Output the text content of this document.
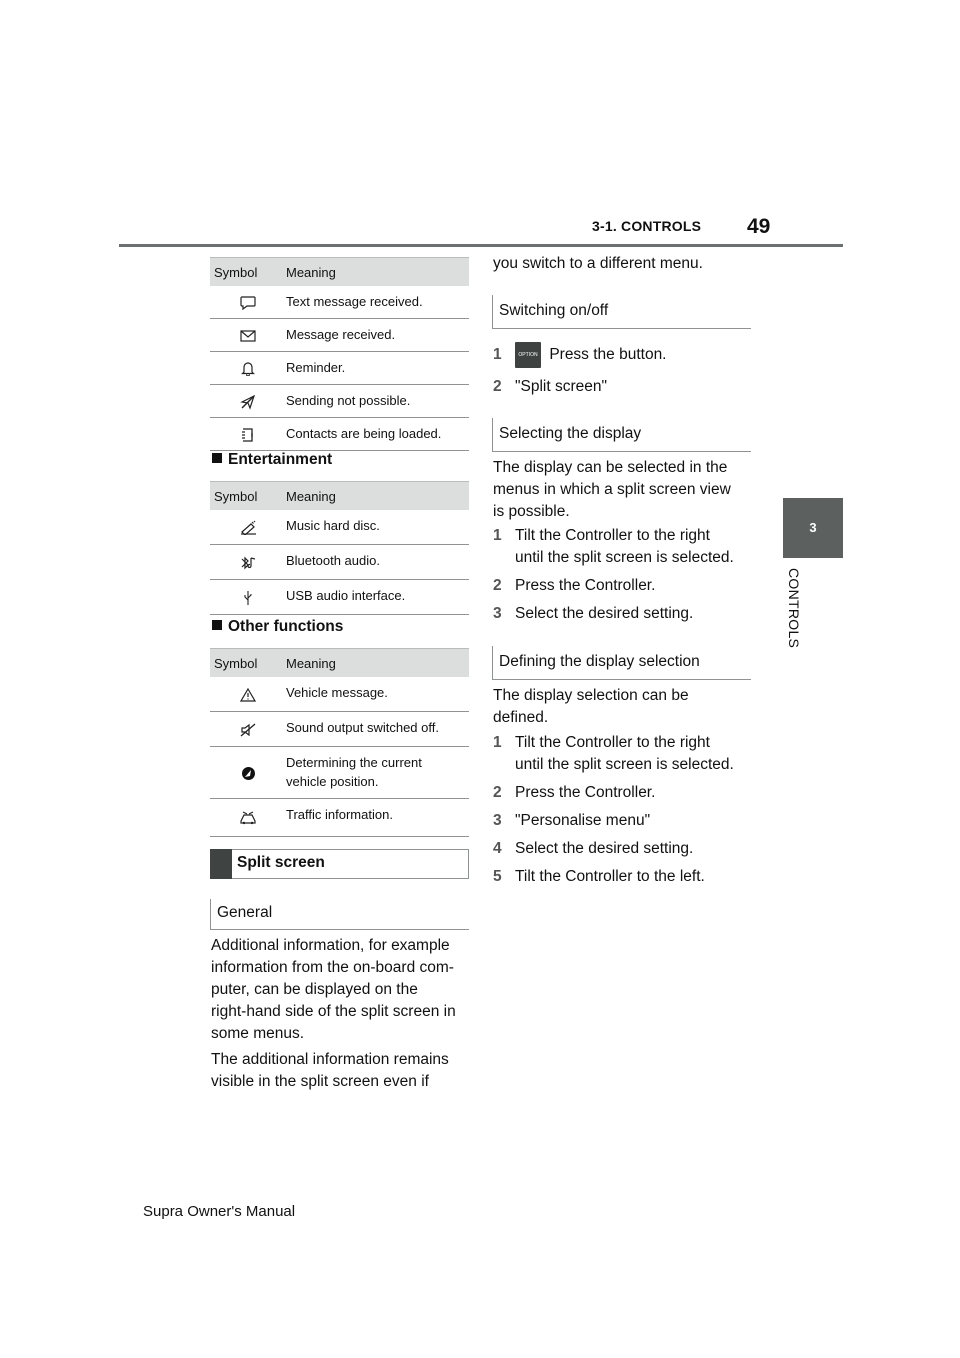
3-1. CONTROLS 49
3
CONTROLS
Symbol	Meaning
	Text message received.
	Message received.
	Reminder.
	Sending not possible.
	Contacts are being loaded.
Entertainment
Symbol	Meaning
	Music hard disc.
	Bluetooth audio.
	USB audio interface.
Other functions
Symbol	Meaning
	Vehicle message.
	Sound output switched off.

Determining the current
vehicle position.

	Traffic information.
Split screen
General
Additional information, for example
information from the on-board com-
puter, can be displayed on the
right-hand side of the split screen in
some menus.
The additional information remains
visible in the split screen even if
you switch to a different menu.
Switching on/off
1	OPTION Press the button.
2 "Split screen"
Selecting the display
The display can be selected in the
menus in which a split screen view
is possible.
1 Tilt the Controller to the right
until the split screen is selected.
2 Press the Controller.
3 Select the desired setting.
Defining the display selection
The display selection can be
defined.
1 Tilt the Controller to the right
until the split screen is selected.
2 Press the Controller.
3 "Personalise menu"
4 Select the desired setting.
5 Tilt the Controller to the left.
Supra Owner's Manual
